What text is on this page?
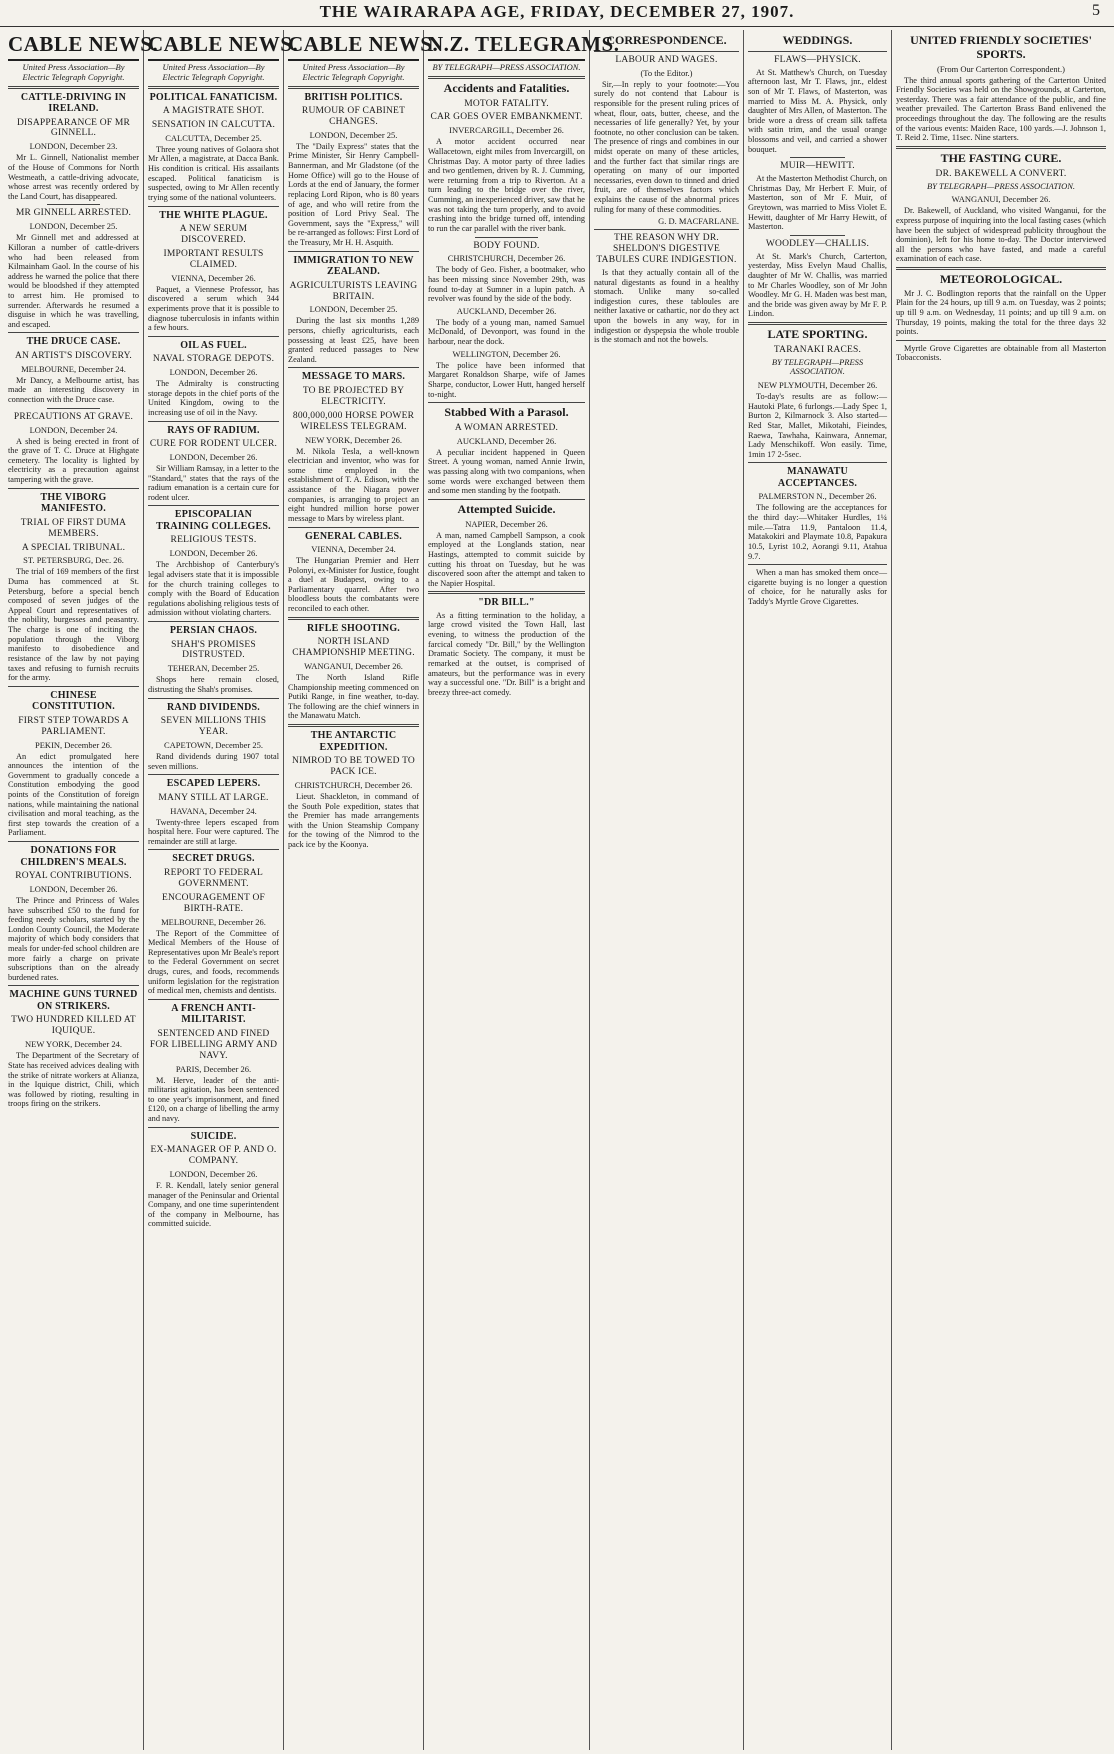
THE WAIRARAPA AGE, FRIDAY, DECEMBER 27, 1907.	5
CABLE NEWS.
United Press Association—By Electric Telegraph Copyright.
CATTLE-DRIVING IN IRELAND.
DISAPPEARANCE OF MR GINNELL.
LONDON, December 23.

Mr L. Ginnell, Nationalist member of the House of Commons for North Westmeath, a cattle-driving advocate, whose arrest was recently ordered by the Land Court, has disappeared.

MR GINNELL ARRESTED.
LONDON, December 25.

Mr Ginnell met and addressed at Killoran a number of cattle-drivers who had been released from Kilmainham Gaol. In the course of his address he warned the police that there would be bloodshed if they attempted to arrest him. He promised to surrender. Afterwards he resumed a disguise in which he was travelling, and escaped.

THE DRUCE CASE.
AN ARTIST'S DISCOVERY.
MELBOURNE, December 24.

Mr Dancy, a Melbourne artist, has made an interesting discovery in connection with the Druce case.

PRECAUTIONS AT GRAVE.
LONDON, December 24.

A shed is being erected in front of the grave of T. C. Druce at Highgate cemetery. The locality is lighted by electricity as a precaution against tampering with the grave.

THE VIBORG MANIFESTO.
TRIAL OF FIRST DUMA MEMBERS.
A SPECIAL TRIBUNAL.
ST. PETERSBURG, Dec. 26.

The trial of 169 members of the first Duma has commenced at St. Petersburg, before a special bench composed of seven judges of the Appeal Court and representatives of the nobility, burgesses and peasantry. The charge is one of inciting the population through the Viborg manifesto to disobedience and resistance of the law by not paying taxes and refusing to furnish recruits for the army.

CHINESE CONSTITUTION.
FIRST STEP TOWARDS A PARLIAMENT.
PEKIN, December 26.

An edict promulgated here announces the intention of the Government to gradually concede a Constitution embodying the good points of the Constitution of foreign nations, while maintaining the national civilisation and moral teaching, as the first step towards the creation of a Parliament.

DONATIONS FOR CHILDREN'S MEALS.
ROYAL CONTRIBUTIONS.
LONDON, December 26.

The Prince and Princess of Wales have subscribed £50 to the fund for feeding needy scholars, started by the London County Council, the Moderate majority of which body considers that meals for under-fed school children are more fairly a charge on private subscriptions than on the already burdened rates.

MACHINE GUNS TURNED ON STRIKERS.
TWO HUNDRED KILLED AT IQUIQUE.
NEW YORK, December 24.

The Department of the Secretary of State has received advices dealing with the strike of nitrate workers at Alianza, in the Iquique district, Chili, which was followed by rioting, resulting in troops firing on the strikers.

CABLE NEWS.
United Press Association—By Electric Telegraph Copyright.
POLITICAL FANATICISM.
A MAGISTRATE SHOT.
SENSATION IN CALCUTTA.
CALCUTTA, December 25.

Three young natives of Golaora shot Mr Allen, a magistrate, at Dacca Bank. His condition is critical. His assailants escaped. Political fanaticism is suspected, owing to Mr Allen recently trying some of the national volunteers.

THE WHITE PLAGUE.
A NEW SERUM DISCOVERED.
IMPORTANT RESULTS CLAIMED.
VIENNA, December 26.

Paquet, a Viennese Professor, has discovered a serum which 344 experiments prove that it is possible to diagnose tuberculosis in infants within a few hours.

OIL AS FUEL.
NAVAL STORAGE DEPOTS.
LONDON, December 26.

The Admiralty is constructing storage depots in the chief ports of the United Kingdom, owing to the increasing use of oil in the Navy.

RAYS OF RADIUM.
CURE FOR RODENT ULCER.
LONDON, December 26.

Sir William Ramsay, in a letter to the "Standard," states that the rays of the radium emanation is a certain cure for rodent ulcer.

EPISCOPALIAN TRAINING COLLEGES.
RELIGIOUS TESTS.
LONDON, December 26.

The Archbishop of Canterbury's legal advisers state that it is impossible for the church training colleges to comply with the Board of Education regulations abolishing religious tests of admission without violating charters.

PERSIAN CHAOS.
SHAH'S PROMISES DISTRUSTED.
TEHERAN, December 25.

Shops here remain closed, distrusting the Shah's promises.

RAND DIVIDENDS.
SEVEN MILLIONS THIS YEAR.
CAPETOWN, December 25.

Rand dividends during 1907 total seven millions.

ESCAPED LEPERS.
MANY STILL AT LARGE.
HAVANA, December 24.

Twenty-three lepers escaped from hospital here. Four were captured. The remainder are still at large.

SECRET DRUGS.
REPORT TO FEDERAL GOVERNMENT.
ENCOURAGEMENT OF BIRTH-RATE.
MELBOURNE, December 26.

The Report of the Committee of Medical Members of the House of Representatives upon Mr Beale's report to the Federal Government on secret drugs, cures, and foods, recommends uniform legislation for the registration of medical men, chemists and dentists.

A FRENCH ANTI-MILITARIST.
SENTENCED AND FINED FOR LIBELLING ARMY AND NAVY.
PARIS, December 26.

M. Herve, leader of the anti-militarist agitation, has been sentenced to one year's imprisonment, and fined £120, on a charge of libelling the army and navy.

SUICIDE.
EX-MANAGER OF P. AND O. COMPANY.
LONDON, December 26.

F. R. Kendall, lately senior general manager of the Peninsular and Oriental Company, and one time superintendent of the company in Melbourne, has committed suicide.

CABLE NEWS.
United Press Association—By Electric Telegraph Copyright.
BRITISH POLITICS.
RUMOUR OF CABINET CHANGES.
LONDON, December 25.

The "Daily Express" states that the Prime Minister, Sir Henry Campbell-Bannerman, and Mr Gladstone (of the Home Office) will go to the House of Lords at the end of January, the former replacing Lord Ripon, who is 80 years of age, and who will retire from the position of Lord Privy Seal. The Government, says the "Express," will be re-arranged as follows: First Lord of the Treasury, Mr H. H. Asquith.

IMMIGRATION TO NEW ZEALAND.
AGRICULTURISTS LEAVING BRITAIN.
LONDON, December 25.

During the last six months 1,289 persons, chiefly agriculturists, each possessing at least £25, have been granted reduced passages to New Zealand.

MESSAGE TO MARS.
TO BE PROJECTED BY ELECTRICITY.
800,000,000 HORSE POWER WIRELESS TELEGRAM.
NEW YORK, December 26.

M. Nikola Tesla, a well-known electrician and inventor, who was for some time employed in the establishment of T. A. Edison, with the assistance of the Niagara power companies, is arranging to project an eight hundred million horse power message to Mars by wireless plant.

GENERAL CABLES.
VIENNA, December 24.

The Hungarian Premier and Herr Polonyi, ex-Minister for Justice, fought a duel at Budapest, owing to a Parliamentary quarrel. After two bloodless bouts the combatants were reconciled to each other.

RIFLE SHOOTING.
NORTH ISLAND CHAMPIONSHIP MEETING.
WANGANUI, December 26.

The North Island Rifle Championship meeting commenced on Putiki Range, in fine weather, to-day. The following are the chief winners in the Manawatu Match.

THE ANTARCTIC EXPEDITION.
NIMROD TO BE TOWED TO PACK ICE.
CHRISTCHURCH, December 26.

Lieut. Shackleton, in command of the South Pole expedition, states that the Premier has made arrangements with the Union Steamship Company for the towing of the Nimrod to the pack ice by the Koonya.

N.Z. TELEGRAMS.
BY TELEGRAPH—PRESS ASSOCIATION.
Accidents and Fatalities.
MOTOR FATALITY.
CAR GOES OVER EMBANKMENT.
INVERCARGILL, December 26.

A motor accident occurred near Wallacetown, eight miles from Invercargill, on Christmas Day. A motor party of three ladies and two gentlemen, driven by R. J. Cumming, were returning from a trip to Riverton. At a turn leading to the bridge over the river, Cumming, an inexperienced driver, saw that he was not taking the turn properly, and to avoid crashing into the bridge turned off, intending to run the car parallel with the river bank.

BODY FOUND.
CHRISTCHURCH, December 26.

The body of Geo. Fisher, a bootmaker, who has been missing since November 29th, was found to-day at Sumner in a lupin patch. A revolver was found by the side of the body.

AUCKLAND, December 26.

The body of a young man, named Samuel McDonald, of Devonport, was found in the harbour, near the dock.

WELLINGTON, December 26.

The police have been informed that Margaret Ronaldson Sharpe, wife of James Sharpe, conductor, Lower Hutt, hanged herself to-night.

Stabbed With a Parasol.
A WOMAN ARRESTED.
AUCKLAND, December 26.

A peculiar incident happened in Queen Street. A young woman, named Annie Irwin, was passing along with two companions, when some words were exchanged between them and some men standing by the footpath.

Attempted Suicide.
NAPIER, December 26.

A man, named Campbell Sampson, a cook employed at the Longlands station, near Hastings, attempted to commit suicide by cutting his throat on Tuesday, but he was discovered soon after the attempt and taken to the Napier Hospital.

"DR BILL."

As a fitting termination to the holiday, a large crowd visited the Town Hall, last evening, to witness the production of the farcical comedy "Dr. Bill," by the Wellington Dramatic Society. The company, it must be remarked at the outset, is comprised of amateurs, but the performance was in every way a successful one. "Dr. Bill" is a bright and breezy three-act comedy.

CORRESPONDENCE.
LABOUR AND WAGES.
(To the Editor.)

Sir,—In reply to your footnote:—You surely do not contend that Labour is responsible for the present ruling prices of wheat, flour, oats, butter, cheese, and the necessaries of life generally? Yet, by your footnote, no other conclusion can be taken. The presence of rings and combines in our midst operate on many of these articles, and the further fact that similar rings are operating on many of our imported necessaries, even down to tinned and dried fruit, are of themselves factors which explains the cause of the abnormal prices ruling for many of these commodities.

G. D. MACFARLANE.
THE REASON WHY DR. SHELDON'S DIGESTIVE TABULES CURE INDIGESTION.

Is that they actually contain all of the natural digestants as found in a healthy stomach. Unlike many so-called indigestion cures, these tabloules are neither laxative or cathartic, nor do they act upon the bowels in any way, for in indigestion or dyspepsia the whole trouble is the stomach and not the bowels.

WEDDINGS.
FLAWS—PHYSICK.

At St. Matthew's Church, on Tuesday afternoon last, Mr T. Flaws, jnr., eldest son of Mr T. Flaws, of Masterton, was married to Miss M. A. Physick, only daughter of Mrs Allen, of Masterton. The bride wore a dress of cream silk taffeta with satin trim, and the usual orange blossoms and veil, and carried a shower bouquet.

MUIR—HEWITT.

At the Masterton Methodist Church, on Christmas Day, Mr Herbert F. Muir, of Masterton, son of Mr F. Muir, of Greytown, was married to Miss Violet E. Hewitt, daughter of Mr Harry Hewitt, of Masterton.

WOODLEY—CHALLIS.

At St. Mark's Church, Carterton, yesterday, Miss Evelyn Maud Challis, daughter of Mr W. Challis, was married to Mr Charles Woodley, son of Mr John Woodley. Mr G. H. Maden was best man, and the bride was given away by Mr F. P. Lindon.

LATE SPORTING.
TARANAKI RACES.
BY TELEGRAPH—PRESS ASSOCIATION.
NEW PLYMOUTH, December 26.

To-day's results are as follow:—Hautoki Plate, 6 furlongs.—Lady Spec 1, Burton 2, Kilmarnock 3. Also started—Red Star, Mallet, Mikotahi, Fieindes, Raewa, Tawhaha, Kainwara, Annemar, Lady Menschikoff. Won easily. Time, 1min 17 2-5sec.

MANAWATU ACCEPTANCES.
PALMERSTON N., December 26.

The following are the acceptances for the third day:—Whitaker Hurdles, 1¼ mile.—Tatra 11.9, Pantaloon 11.4, Matakokiri and Playmate 10.8, Papakura 10.5, Lyrist 10.2, Aorangi 9.11, Atahua 9.7.

When a man has smoked them once—cigarette buying is no longer a question of choice, for he naturally asks for Taddy's Myrtle Grove Cigarettes.

UNITED FRIENDLY SOCIETIES' SPORTS.
(From Our Carterton Correspondent.)

The third annual sports gathering of the Carterton United Friendly Societies was held on the Showgrounds, at Carterton, yesterday. There was a fair attendance of the public, and fine weather prevailed. The Carterton Brass Band enlivened the proceedings throughout the day. The following are the results of the various events: Maiden Race, 100 yards.—J. Johnson 1, T. Reid 2. Time, 11sec. Nine starters.

THE FASTING CURE.
DR. BAKEWELL A CONVERT.
BY TELEGRAPH—PRESS ASSOCIATION.
WANGANUI, December 26.

Dr. Bakewell, of Auckland, who visited Wanganui, for the express purpose of inquiring into the local fasting cases (which have been the subject of widespread publicity throughout the dominion), left for his home to-day. The Doctor interviewed all the persons who have fasted, and made a careful examination of each case.

METEOROLOGICAL.

Mr J. C. Bodlington reports that the rainfall on the Upper Plain for the 24 hours, up till 9 a.m. on Tuesday, was 2 points; up till 9 a.m. on Wednesday, 11 points; and up till 9 a.m. on Thursday, 19 points, making the total for the three days 32 points.

Myrtle Grove Cigarettes are obtainable from all Masterton Tobacconists.
